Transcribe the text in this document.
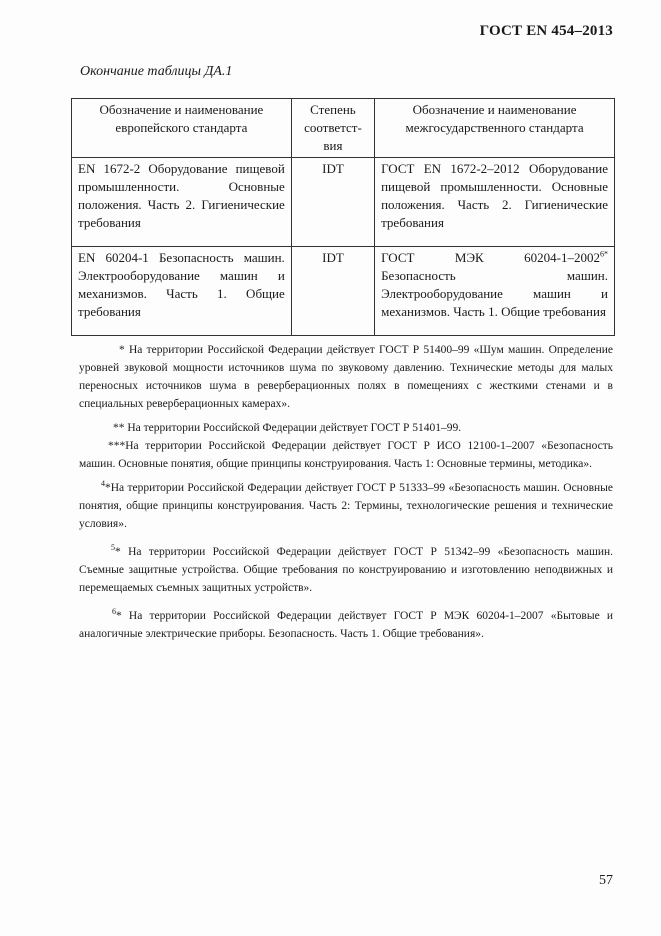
ГОСТ EN 454–2013
Окончание таблицы ДА.1
Обозначение и наименование европейского стандарта	Степень соответст-вия	Обозначение и наименование межгосударственного стандарта
EN 1672-2 Оборудование пищевой промышленности. Основные положения. Часть 2. Гигиенические требования	IDT	ГОСТ EN 1672-2–2012 Оборудование пищевой промышленности. Основные положения. Часть 2. Гигиенические требования
EN 60204-1 Безопасность машин. Электрооборудование машин и механизмов. Часть 1. Общие требования	IDT	ГОСТ МЭК $60204-1-2002^{6*}$ Безопасность машин. Электрооборудование машин и механизмов. Часть 1. Общие требования

* На территории Российской Федерации действует ГОСТ Р 51400–99 «Шум машин. Определение уровней звуковой мощности источников шума по звуковому давлению. Технические методы для малых переносных источников шума в реверберационных полях в помещениях с жесткими стенами и в специальных реверберационных камерах».

** На территории Российской Федерации действует ГОСТ Р 51401–99.

***На территории Российской Федерации действует ГОСТ Р ИСО 12100-1–2007 «Безопасность машин. Основные понятия, общие принципы конструирования. Часть 1: Основные термины, методика».

$^4$*На территории Российской Федерации действует ГОСТ Р 51333–99 «Безопасность машин. Основные понятия, общие принципы конструирования. Часть 2: Термины, технологические решения и технические условия».

$^5$* На территории Российской Федерации действует ГОСТ Р 51342–99 «Безопасность машин. Съемные защитные устройства. Общие требования по конструированию и изготовлению неподвижных и перемещаемых съемных защитных устройств».

$^6$* На территории Российской Федерации действует ГОСТ Р МЭК 60204-1–2007 «Бытовые и аналогичные электрические приборы. Безопасность. Часть 1. Общие требования».

57
